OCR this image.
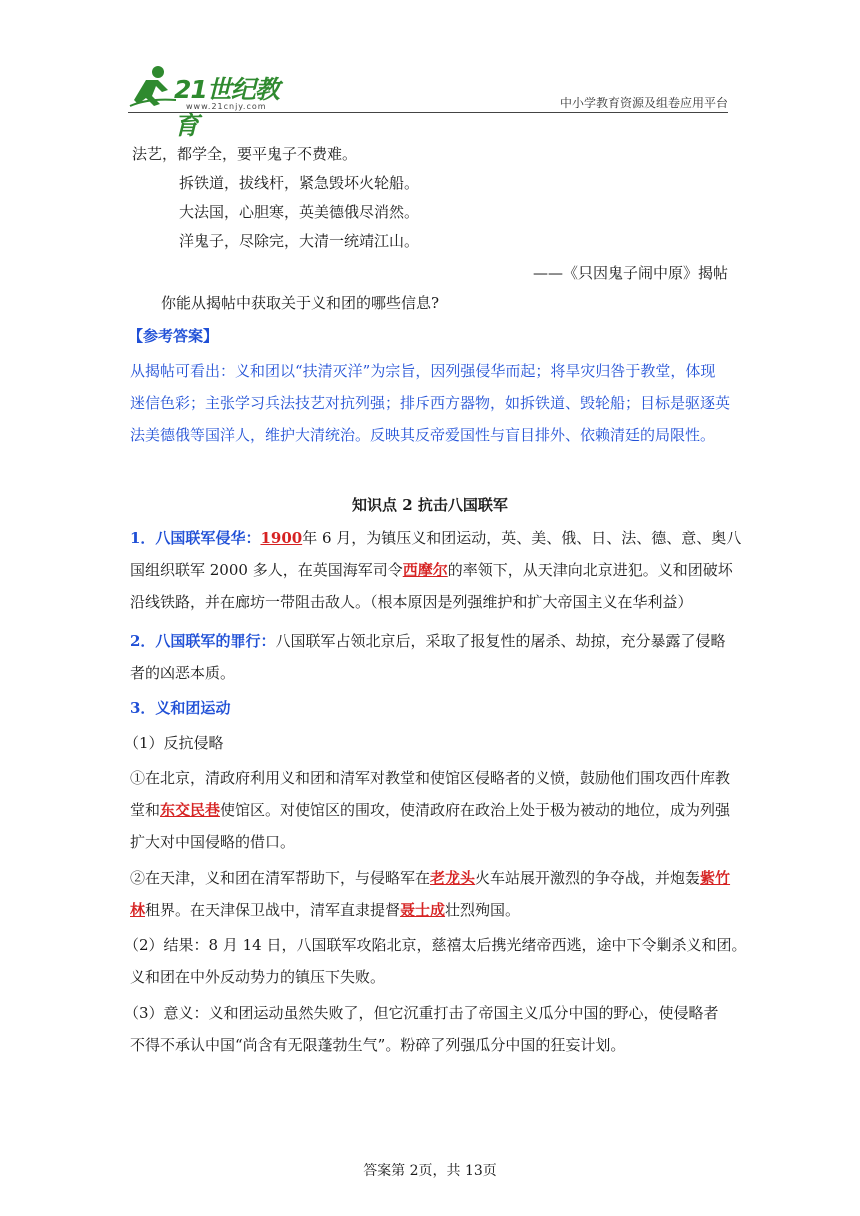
21世纪教育
www.21cnjy.com	中小学教育资源及组卷应用平台
法艺，都学全，要平鬼子不费难。
拆铁道，拔线杆，紧急毁坏火轮船。
大法国，心胆寒，英美德俄尽消然。
洋鬼子，尽除完，大清一统靖江山。
——《只因鬼子闹中原》揭帖
你能从揭帖中获取关于义和团的哪些信息?
【参考答案】
从揭帖可看出：义和团以“扶清灭洋”为宗旨，因列强侵华而起；将旱灾归咎于教堂，体现
迷信色彩；主张学习兵法技艺对抗列强；排斥西方器物，如拆铁道、毁轮船；目标是驱逐英
法美德俄等国洋人，维护大清统治。反映其反帝爱国性与盲目排外、依赖清廷的局限性。
知识点 2 抗击八国联军
1．八国联军侵华：1900年 6 月，为镇压义和团运动，英、美、俄、日、法、德、意、奥八
国组织联军 2000 多人，在英国海军司令西摩尔的率领下，从天津向北京进犯。义和团破坏
沿线铁路，并在廊坊一带阻击敌人。（根本原因是列强维护和扩大帝国主义在华利益）
2．八国联军的罪行：八国联军占领北京后，采取了报复性的屠杀、劫掠，充分暴露了侵略
者的凶恶本质。
3．义和团运动
（1）反抗侵略
①在北京，清政府利用义和团和清军对教堂和使馆区侵略者的义愤，鼓励他们围攻西什库教
堂和东交民巷使馆区。对使馆区的围攻，使清政府在政治上处于极为被动的地位，成为列强
扩大对中国侵略的借口。
②在天津，义和团在清军帮助下，与侵略军在老龙头火车站展开激烈的争夺战，并炮轰紫竹
林租界。在天津保卫战中，清军直隶提督聂士成壮烈殉国。
（2）结果：8 月 14 日，八国联军攻陷北京，慈禧太后携光绪帝西逃，途中下令剿杀义和团。
义和团在中外反动势力的镇压下失败。
（3）意义：义和团运动虽然失败了，但它沉重打击了帝国主义瓜分中国的野心，使侵略者
不得不承认中国“尚含有无限蓬勃生气”。粉碎了列强瓜分中国的狂妄计划。
答案第 2页，共 13页
